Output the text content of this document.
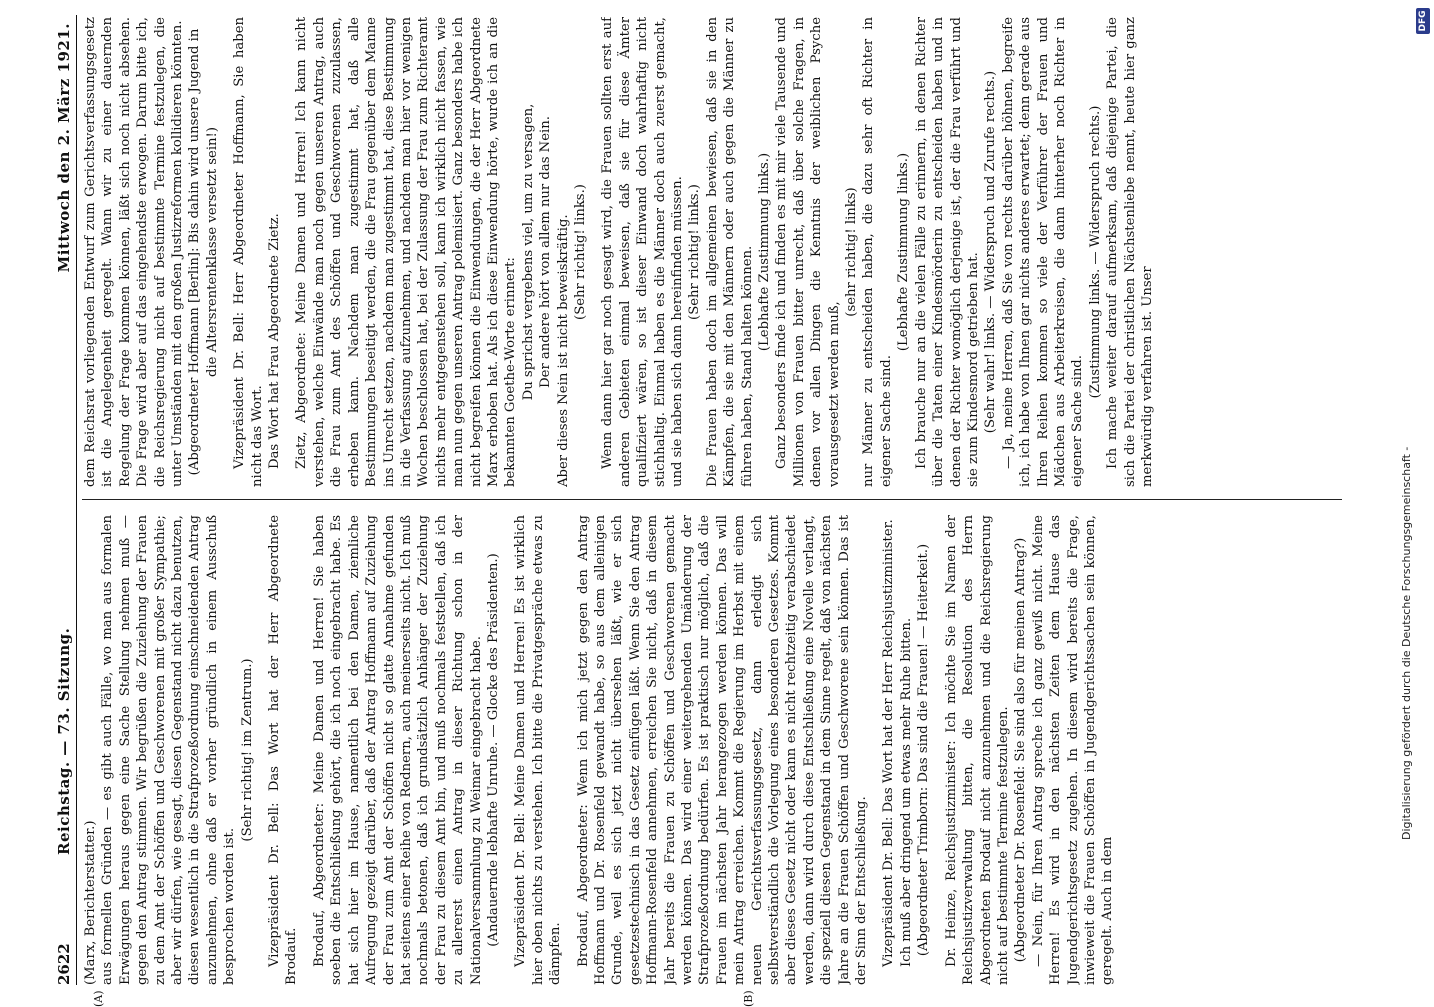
2622
Reichstag. — 73. Sitzung.
Mittwoch den 2. März 1921.

(Marx, Berichterstatter.) aus formellen Gründen — es gibt auch Fälle, wo man aus formalen Erwägungen heraus gegen eine Sache Stellung nehmen muß — gegen den Antrag stimmen. Wir begrüßen die Zuziehung der Frauen zu dem Amt der Schöffen und Geschworenen mit großer Sympathie; aber wir dürfen, wie gesagt, diesen Gegenstand nicht dazu benutzen, diesen wesentlich in die Strafprozeßordnung einschneidenden Antrag anzunehmen, ohne daß er vorher gründlich in einem Ausschuß besprochen worden ist.

(Sehr richtig! im Zentrum.) Vizepräsident Dr. Bell: Das Wort hat der Herr Abgeordnete Brodauf. Brodauf, Abgeordneter: Meine Damen und Herren! Sie haben soeben die Entschließung gehört, die ich noch eingebracht habe. Es hat sich hier im Hause, namentlich bei den Damen, ziemliche Aufregung gezeigt darüber, daß der Antrag Hoffmann auf Zuziehung der Frau zum Amt der Schöffen nicht so glatte Annahme gefunden hat seitens einer Reihe von Rednern, auch meinerseits nicht. Ich muß nochmals betonen, daß ich grundsätzlich Anhänger der Zuziehung der Frau zu diesem Amt bin, und muß nochmals feststellen, daß ich zu allererst einen Antrag in dieser Richtung schon in der Nationalversammlung zu Weimar eingebracht habe. (Andauernde lebhafte Unruhe. — Glocke des Präsidenten.) Vizepräsident Dr. Bell: Meine Damen und Herren! Es ist wirklich hier oben nichts zu verstehen. Ich bitte die Privatgespräche etwas zu dämpfen. Brodauf, Abgeordneter: Wenn ich mich jetzt gegen den Antrag Hoffmann und Dr. Rosenfeld gewandt habe, so aus dem alleinigen Grunde, weil es sich jetzt nicht übersehen läßt, wie er sich gesetzestechnisch in das Gesetz einfügen läßt. Wenn Sie den Antrag Hoffmann-Rosenfeld annehmen, erreichen Sie nicht, daß in diesem Jahr bereits die Frauen zu Schöffen und Geschworenen gemacht werden können. Das wird einer weitergehenden Umänderung der Strafprozeßordnung bedürfen. Es ist praktisch nur möglich, daß die Frauen im nächsten Jahr herangezogen werden können. Das will mein Antrag erreichen. Kommt die Regierung im Herbst mit einem neuen Gerichtsverfassungsgesetz, dann erledigt sich selbstverständlich die Vorlegung eines besonderen Gesetzes. Kommt aber dieses Gesetz nicht oder kann es nicht rechtzeitig verabschiedet werden, dann wird durch diese Entschließung eine Novelle verlangt, die speziell diesen Gegenstand in dem Sinne regelt, daß von nächsten Jahre an die Frauen Schöffen und Geschworene sein können. Das ist der Sinn der Entschließung. Vizepräsident Dr. Bell: Das Wort hat der Herr Reichsjustizminister. Ich muß aber dringend um etwas mehr Ruhe bitten. (Abgeordneter Trimborn: Das sind die Frauen! — Heiterkeit.) Dr. Heinze, Reichsjustizminister: Ich möchte Sie im Namen der Reichsjustizverwaltung bitten, die Resolution des Herrn Abgeordneten Brodauf nicht anzunehmen und die Reichsregierung nicht auf bestimmte Termine festzulegen. (Abgeordneter Dr. Rosenfeld: Sie sind also für meinen Antrag?) — Nein, für Ihren Antrag spreche ich ganz gewiß nicht. Meine Herren! Es wird in den nächsten Zeiten dem Hause das Jugendgerichtsgesetz zugehen. In diesem wird bereits die Frage, inwieweit die Frauen Schöffen in Jugendgerichtssachen sein können, geregelt. Auch in dem

dem Reichsrat vorliegenden Entwurf zum Gerichtsverfassungsgesetz ist die Angelegenheit geregelt. Wann wir zu einer dauernden Regelung der Frage kommen können, läßt sich noch nicht absehen. Die Frage wird aber auf das eingehendste erwogen. Darum bitte ich, die Reichsregierung nicht auf bestimmte Termine festzulegen, die unter Umständen mit den großen Justizreformen kollidieren könnten. (Abgeordneter Hoffmann [Berlin]: Bis dahin wird unsere Jugend in die Altersrentenklasse versetzt sein!) Vizepräsident Dr. Bell: Herr Abgeordneter Hoffmann, Sie haben nicht das Wort. Das Wort hat Frau Abgeordnete Zietz. Zietz, Abgeordnete: Meine Damen und Herren! Ich kann nicht verstehen, welche Einwände man noch gegen unseren Antrag, auch die Frau zum Amt des Schöffen und Geschworenen zuzulassen, erheben kann. Nachdem man zugestimmt hat, daß alle Bestimmungen beseitigt werden, die die Frau gegenüber dem Manne ins Unrecht setzen, nachdem man zugestimmt hat, diese Bestimmung in die Verfassung aufzunehmen, und nachdem man hier vor wenigen Wochen beschlossen hat, bei der Zulassung der Frau zum Richteramt nichts mehr entgegenstehen soll, kann ich wirklich nicht fassen, wie man nun gegen unseren Antrag polemisiert. Ganz besonders habe ich nicht begreifen können die Einwendungen, die der Herr Abgeordnete Marx erhoben hat. Als ich diese Einwendung hörte, wurde ich an die bekannten Goethe-Worte erinnert: Du sprichst vergebens viel, um zu versagen, Der andere hört von allem nur das Nein. Aber dieses Nein ist nicht beweiskräftig. (Sehr richtig! links.) Wenn dann hier gar noch gesagt wird, die Frauen sollten erst auf anderen Gebieten einmal beweisen, daß sie für diese Ämter qualifiziert wären, so ist dieser Einwand doch wahrhaftig nicht stichhaltig. Einmal haben es die Männer doch auch zuerst gemacht, und sie haben sich dann hereinfinden müssen. (Sehr richtig! links.) Die Frauen haben doch im allgemeinen bewiesen, daß sie in den Kämpfen, die sie mit den Männern oder auch gegen die Männer zu führen haben, Stand halten können. (Lebhafte Zustimmung links.) Ganz besonders finde ich und finden es mit mir viele Tausende und Millionen von Frauen bitter unrecht, daß über solche Fragen, in denen vor allen Dingen die Kenntnis der weiblichen Psyche vorausgesetzt werden muß,

(sehr richtig! links) nur Männer zu entscheiden haben, die dazu sehr oft Richter in eigener Sache sind.

(Lebhafte Zustimmung links.) Ich brauche nur an die vielen Fälle zu erinnern, in denen Richter über die Taten einer Kindesmörderin zu entscheiden haben und in denen der Richter womöglich derjenige ist, der die Frau verführt und sie zum Kindesmord getrieben hat. (Sehr wahr! links. — Widerspruch und Zurufe rechts.) — Ja, meine Herren, daß Sie von rechts darüber höhnen, begreife ich, ich habe von Ihnen gar nichts anderes erwartet; denn gerade aus Ihren Reihen kommen so viele der Verführer der Frauen und Mädchen aus Arbeiterkreisen, die dann hinterher noch Richter in eigener Sache sind.

(Zustimmung links. — Widerspruch rechts.) Ich mache weiter darauf aufmerksam, daß diejenige Partei, die sich die Partei der christlichen Nächstenliebe nennt, heute hier ganz merkwürdig verfahren ist. Unser

(A)	(B)
Digitalisierung gefördert durch die Deutsche Forschungsgemeinschaft -
DFG
